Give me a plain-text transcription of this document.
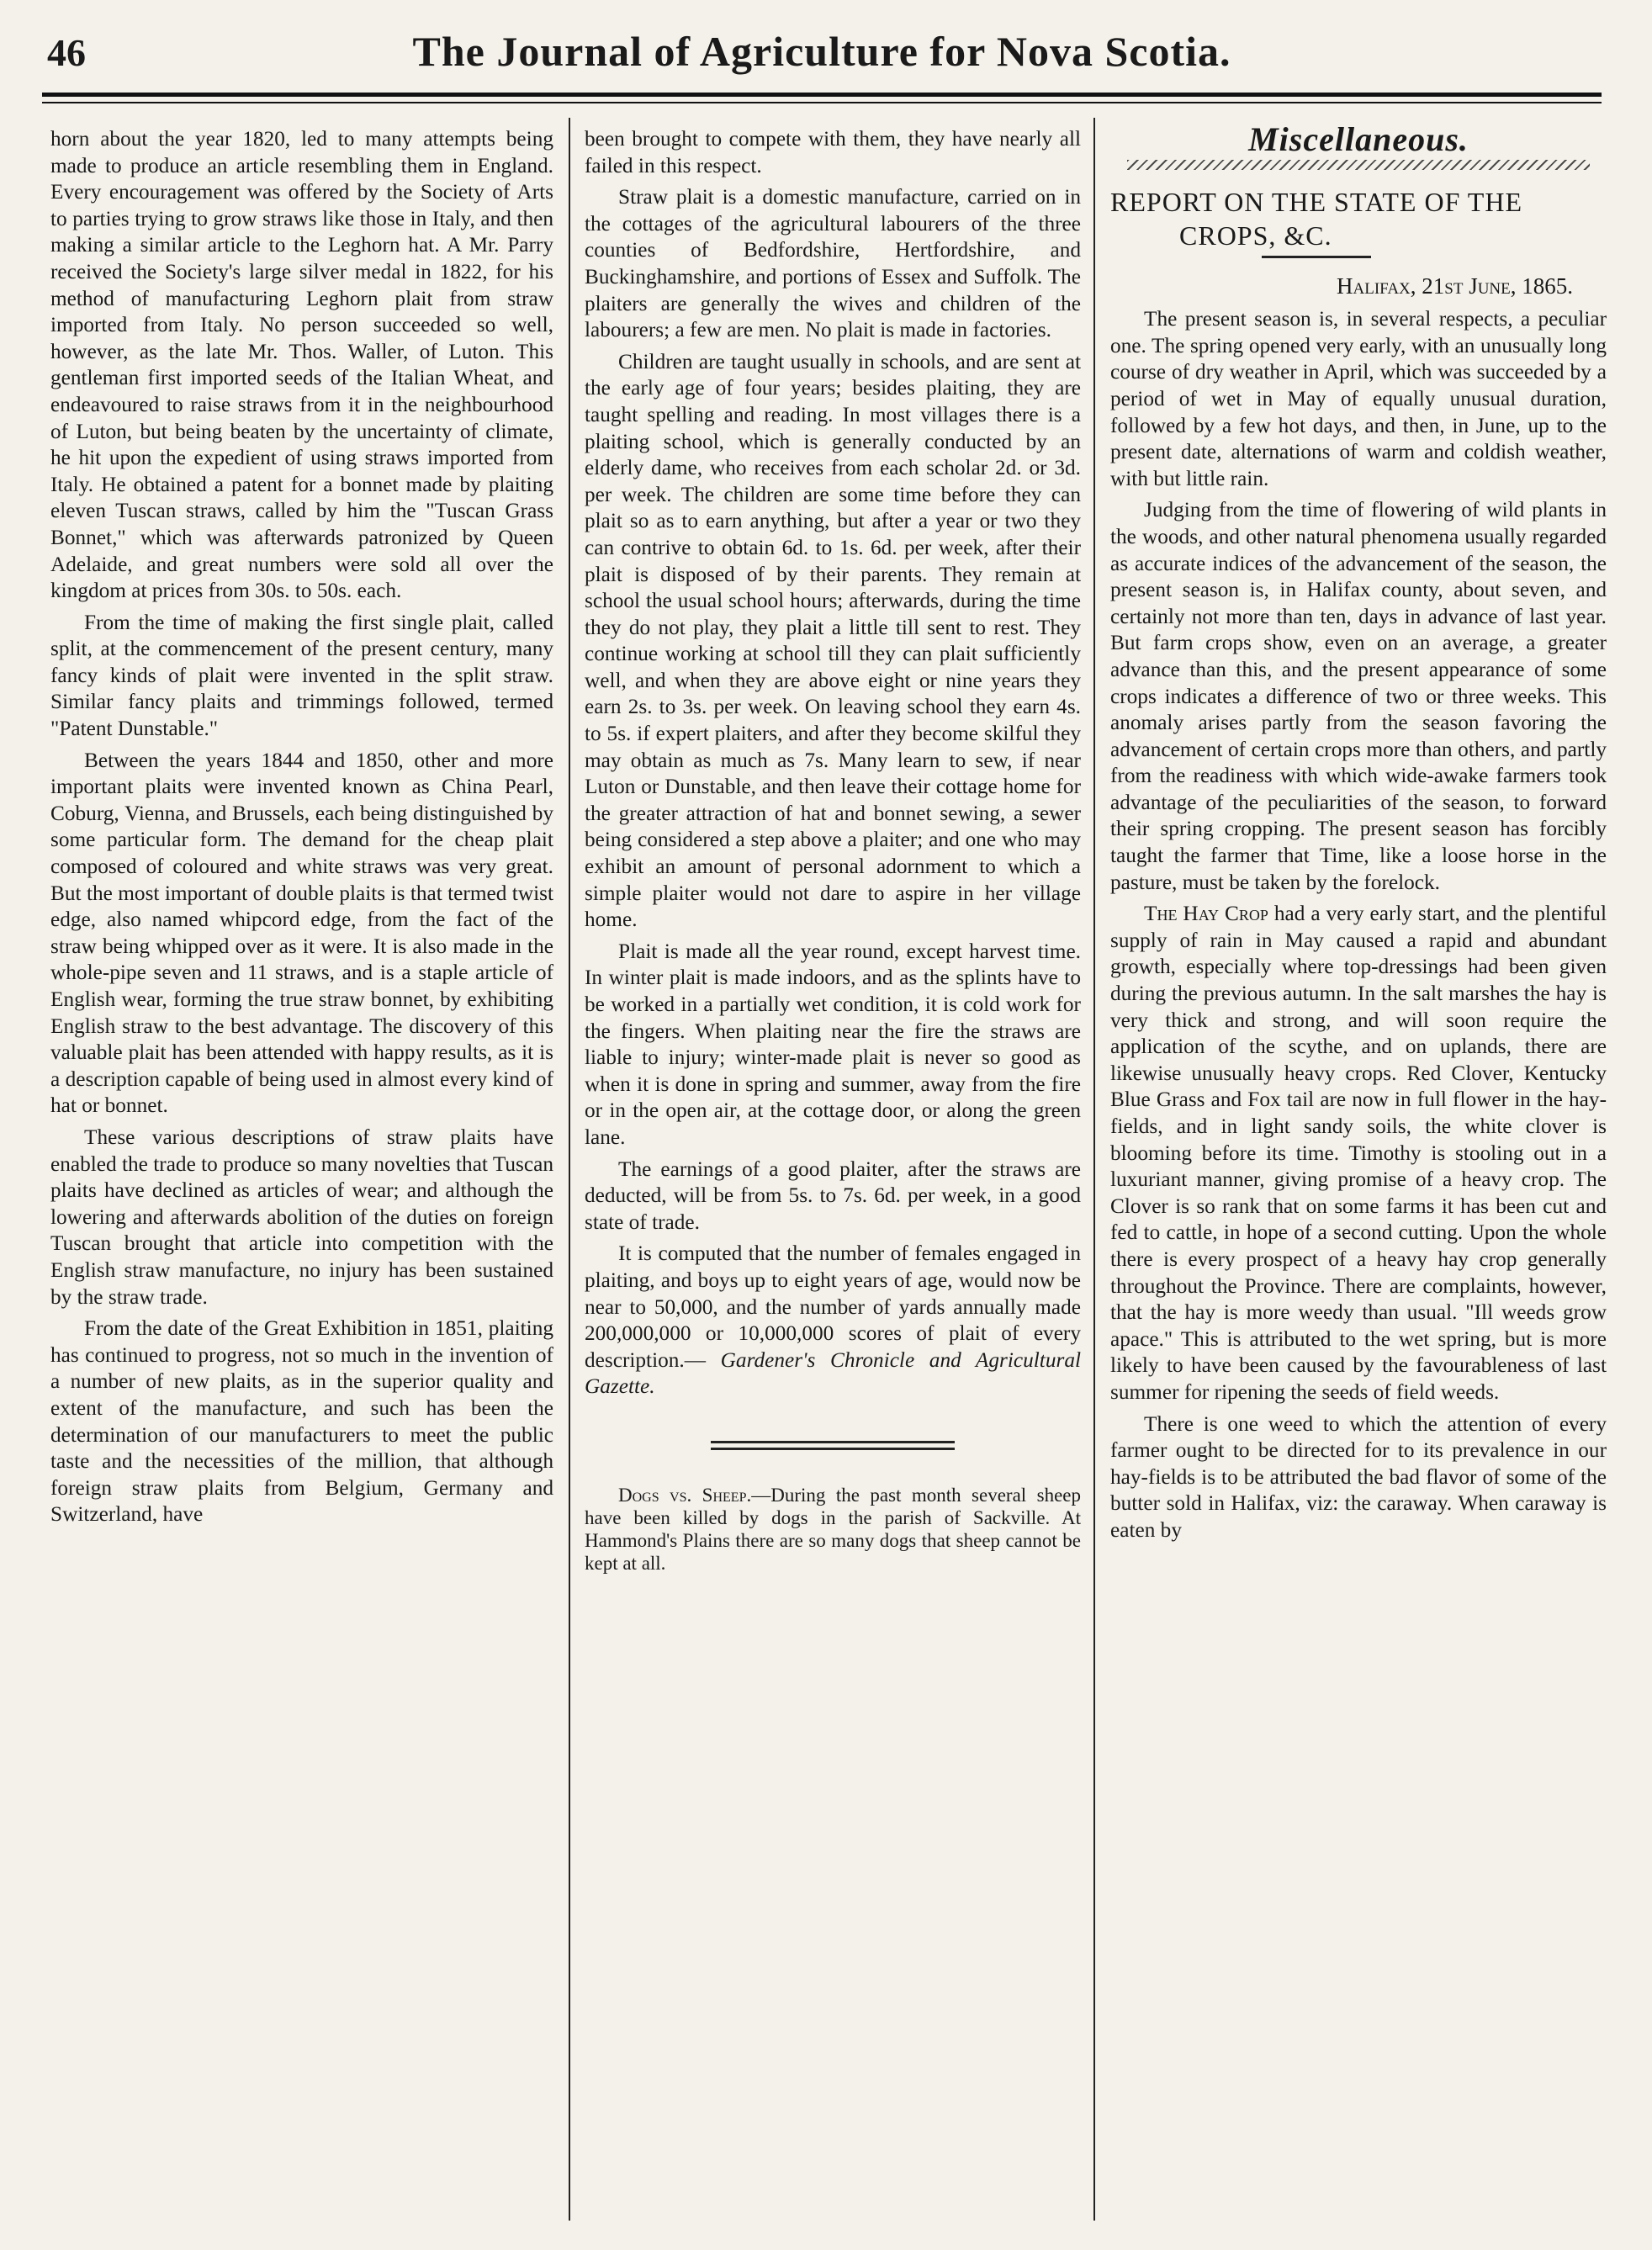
46	The Journal of Agriculture for Nova Scotia.

horn about the year 1820, led to many attempts being made to produce an article resembling them in England. Every encouragement was offered by the Society of Arts to parties trying to grow straws like those in Italy, and then making a similar article to the Leghorn hat. A Mr. Parry received the Society's large silver medal in 1822, for his method of manufacturing Leghorn plait from straw imported from Italy. No person succeeded so well, however, as the late Mr. Thos. Waller, of Luton. This gentleman first imported seeds of the Italian Wheat, and endeavoured to raise straws from it in the neighbourhood of Luton, but being beaten by the uncertainty of climate, he hit upon the expedient of using straws imported from Italy. He obtained a patent for a bonnet made by plaiting eleven Tuscan straws, called by him the "Tuscan Grass Bonnet," which was afterwards patronized by Queen Adelaide, and great numbers were sold all over the kingdom at prices from 30s. to 50s. each.

From the time of making the first single plait, called split, at the commencement of the present century, many fancy kinds of plait were invented in the split straw. Similar fancy plaits and trimmings followed, termed "Patent Dunstable."

Between the years 1844 and 1850, other and more important plaits were invented known as China Pearl, Coburg, Vienna, and Brussels, each being distinguished by some particular form. The demand for the cheap plait composed of coloured and white straws was very great. But the most important of double plaits is that termed twist edge, also named whipcord edge, from the fact of the straw being whipped over as it were. It is also made in the whole-pipe seven and 11 straws, and is a staple article of English wear, forming the true straw bonnet, by exhibiting English straw to the best advantage. The discovery of this valuable plait has been attended with happy results, as it is a description capable of being used in almost every kind of hat or bonnet.

These various descriptions of straw plaits have enabled the trade to produce so many novelties that Tuscan plaits have declined as articles of wear; and although the lowering and afterwards abolition of the duties on foreign Tuscan brought that article into competition with the English straw manufacture, no injury has been sustained by the straw trade.

From the date of the Great Exhibition in 1851, plaiting has continued to progress, not so much in the invention of a number of new plaits, as in the superior quality and extent of the manufacture, and such has been the determination of our manufacturers to meet the public taste and the necessities of the million, that although foreign straw plaits from Belgium, Germany and Switzerland, have

been brought to compete with them, they have nearly all failed in this respect.

Straw plait is a domestic manufacture, carried on in the cottages of the agricultural labourers of the three counties of Bedfordshire, Hertfordshire, and Buckinghamshire, and portions of Essex and Suffolk. The plaiters are generally the wives and children of the labourers; a few are men. No plait is made in factories.

Children are taught usually in schools, and are sent at the early age of four years; besides plaiting, they are taught spelling and reading. In most villages there is a plaiting school, which is generally conducted by an elderly dame, who receives from each scholar 2d. or 3d. per week. The children are some time before they can plait so as to earn anything, but after a year or two they can contrive to obtain 6d. to 1s. 6d. per week, after their plait is disposed of by their parents. They remain at school the usual school hours; afterwards, during the time they do not play, they plait a little till sent to rest. They continue working at school till they can plait sufficiently well, and when they are above eight or nine years they earn 2s. to 3s. per week. On leaving school they earn 4s. to 5s. if expert plaiters, and after they become skilful they may obtain as much as 7s. Many learn to sew, if near Luton or Dunstable, and then leave their cottage home for the greater attraction of hat and bonnet sewing, a sewer being considered a step above a plaiter; and one who may exhibit an amount of personal adornment to which a simple plaiter would not dare to aspire in her village home.

Plait is made all the year round, except harvest time. In winter plait is made indoors, and as the splints have to be worked in a partially wet condition, it is cold work for the fingers. When plaiting near the fire the straws are liable to injury; winter-made plait is never so good as when it is done in spring and summer, away from the fire or in the open air, at the cottage door, or along the green lane.

The earnings of a good plaiter, after the straws are deducted, will be from 5s. to 7s. 6d. per week, in a good state of trade.

It is computed that the number of females engaged in plaiting, and boys up to eight years of age, would now be near to 50,000, and the number of yards annually made 200,000,000 or 10,000,000 scores of plait of every description.— Gardener's Chronicle and Agricultural Gazette.

Dogs vs. Sheep.—During the past month several sheep have been killed by dogs in the parish of Sackville. At Hammond's Plains there are so many dogs that sheep cannot be kept at all.

Miscellaneous.
REPORT ON THE STATE OF THE
CROPS, &C.
Halifax, 21st June, 1865.

The present season is, in several respects, a peculiar one. The spring opened very early, with an unusually long course of dry weather in April, which was succeeded by a period of wet in May of equally unusual duration, followed by a few hot days, and then, in June, up to the present date, alternations of warm and coldish weather, with but little rain.

Judging from the time of flowering of wild plants in the woods, and other natural phenomena usually regarded as accurate indices of the advancement of the season, the present season is, in Halifax county, about seven, and certainly not more than ten, days in advance of last year. But farm crops show, even on an average, a greater advance than this, and the present appearance of some crops indicates a difference of two or three weeks. This anomaly arises partly from the season favoring the advancement of certain crops more than others, and partly from the readiness with which wide-awake farmers took advantage of the peculiarities of the season, to forward their spring cropping. The present season has forcibly taught the farmer that Time, like a loose horse in the pasture, must be taken by the forelock.

The Hay Crop had a very early start, and the plentiful supply of rain in May caused a rapid and abundant growth, especially where top-dressings had been given during the previous autumn. In the salt marshes the hay is very thick and strong, and will soon require the application of the scythe, and on uplands, there are likewise unusually heavy crops. Red Clover, Kentucky Blue Grass and Fox tail are now in full flower in the hay-fields, and in light sandy soils, the white clover is blooming before its time. Timothy is stooling out in a luxuriant manner, giving promise of a heavy crop. The Clover is so rank that on some farms it has been cut and fed to cattle, in hope of a second cutting. Upon the whole there is every prospect of a heavy hay crop generally throughout the Province. There are complaints, however, that the hay is more weedy than usual. "Ill weeds grow apace." This is attributed to the wet spring, but is more likely to have been caused by the favourableness of last summer for ripening the seeds of field weeds.

There is one weed to which the attention of every farmer ought to be directed for to its prevalence in our hay-fields is to be attributed the bad flavor of some of the butter sold in Halifax, viz: the caraway. When caraway is eaten by
